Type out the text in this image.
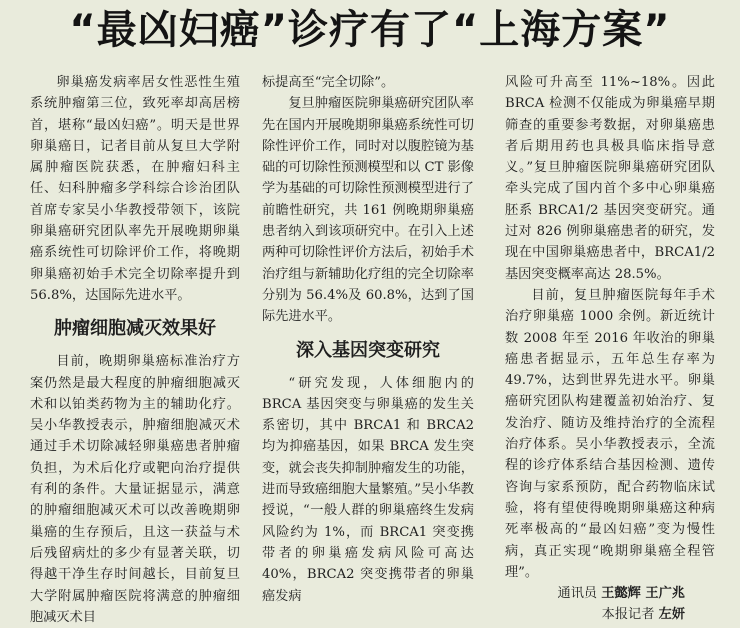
“最凶妇癌”诊疗有了“上海方案”

卵巢癌发病率居女性恶性生殖系统肿瘤第三位，致死率却高居榜首，堪称“最凶妇癌”。明天是世界卵巢癌日，记者目前从复旦大学附属肿瘤医院获悉，在肿瘤妇科主任、妇科肿瘤多学科综合诊治团队首席专家吴小华教授带领下，该院卵巢癌研究团队率先开展晚期卵巢癌系统性可切除评价工作，将晚期卵巢癌初始手术完全切除率提升到56.8%，达国际先进水平。

肿瘤细胞减灭效果好

目前，晚期卵巢癌标准治疗方案仍然是最大程度的肿瘤细胞减灭术和以铂类药物为主的辅助化疗。吴小华教授表示，肿瘤细胞减灭术通过手术切除减轻卵巢癌患者肿瘤负担，为术后化疗或靶向治疗提供有利的条件。大量证据显示，满意的肿瘤细胞减灭术可以改善晚期卵巢癌的生存预后，且这一获益与术后残留病灶的多少有显著关联，切得越干净生存时间越长，目前复旦大学附属肿瘤医院将满意的肿瘤细胞减灭术目

标提高至“完全切除”。

复旦肿瘤医院卵巢癌研究团队率先在国内开展晚期卵巢癌系统性可切除性评价工作，同时对以腹腔镜为基础的可切除性预测模型和以 CT 影像学为基础的可切除性预测模型进行了前瞻性研究，共 161 例晚期卵巢癌患者纳入到该项研究中。在引入上述两种可切除性评价方法后，初始手术治疗组与新辅助化疗组的完全切除率分别为 56.4%及 60.8%，达到了国际先进水平。

深入基因突变研究

“研究发现，人体细胞内的 BRCA 基因突变与卵巢癌的发生关系密切，其中 BRCA1 和 BRCA2 均为抑癌基因，如果 BRCA 发生突变，就会丧失抑制肿瘤发生的功能，进而导致癌细胞大量繁殖。”吴小华教授说，“一般人群的卵巢癌终生发病风险约为 1%，而 BRCA1 突变携带者的卵巢癌发病风险可高达 40%，BRCA2 突变携带者的卵巢癌发病

风险可升高至 11%~18%。因此 BRCA 检测不仅能成为卵巢癌早期筛查的重要参考数据，对卵巢癌患者后期用药也具极具临床指导意义。”复旦肿瘤医院卵巢癌研究团队牵头完成了国内首个多中心卵巢癌胚系 BRCA1/2 基因突变研究。通过对 826 例卵巢癌患者的研究，发现在中国卵巢癌患者中，BRCA1/2 基因突变概率高达 28.5%。

目前，复旦肿瘤医院每年手术治疗卵巢癌 1000 余例。新近统计数 2008 年至 2016 年收治的卵巢癌患者据显示，五年总生存率为 49.7%，达到世界先进水平。卵巢癌研究团队构建覆盖初始治疗、复发治疗、随访及维持治疗的全流程治疗体系。吴小华教授表示，全流程的诊疗体系结合基因检测、遗传咨询与家系预防，配合药物临床试验，将有望使得晚期卵巢癌这种病死率极高的“最凶妇癌”变为慢性病，真正实现“晚期卵巢癌全程管理”。

通讯员 王懿辉 王广兆
本报记者 左妍
